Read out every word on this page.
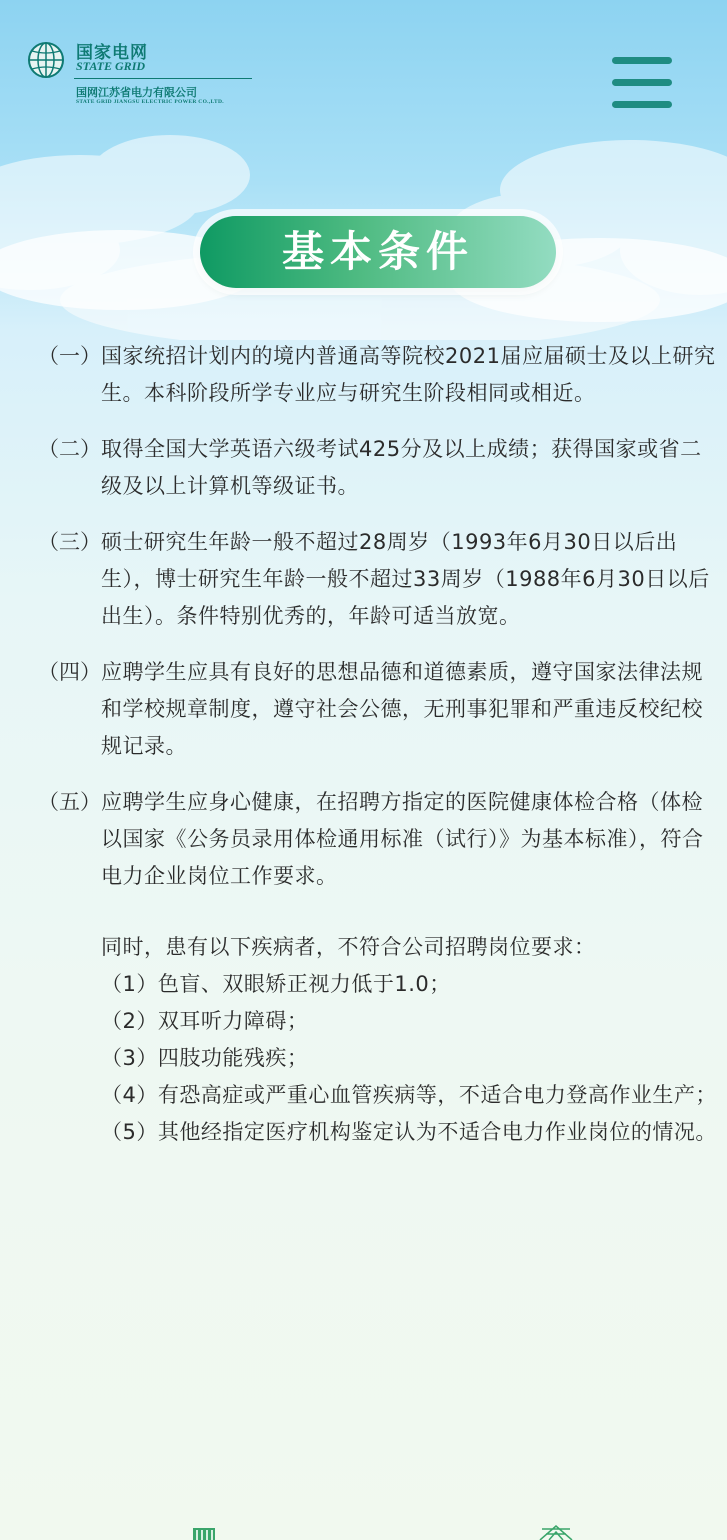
国家电网
STATE GRID
国网江苏省电力有限公司
STATE GRID JIANGSU ELECTRIC POWER CO.,LTD.
基本条件
（一） 国家统招计划内的境内普通高等院校2021届应届硕士及以上研究生。本科阶段所学专业应与研究生阶段相同或相近。
（二） 取得全国大学英语六级考试425分及以上成绩；获得国家或省二级及以上计算机等级证书。
（三） 硕士研究生年龄一般不超过28周岁（1993年6月30日以后出生），博士研究生年龄一般不超过33周岁（1988年6月30日以后出生）。条件特别优秀的，年龄可适当放宽。
（四） 应聘学生应具有良好的思想品德和道德素质，遵守国家法律法规和学校规章制度，遵守社会公德，无刑事犯罪和严重违反校纪校规记录。
（五） 应聘学生应身心健康，在招聘方指定的医院健康体检合格（体检以国家《公务员录用体检通用标准（试行）》为基本标准），符合电力企业岗位工作要求。

同时，患有以下疾病者，不符合公司招聘岗位要求：

（1）色盲、双眼矫正视力低于1.0；

（2）双耳听力障碍；

（3）四肢功能残疾；

（4）有恐高症或严重心血管疾病等，不适合电力登高作业生产；

（5）其他经指定医疗机构鉴定认为不适合电力作业岗位的情况。
